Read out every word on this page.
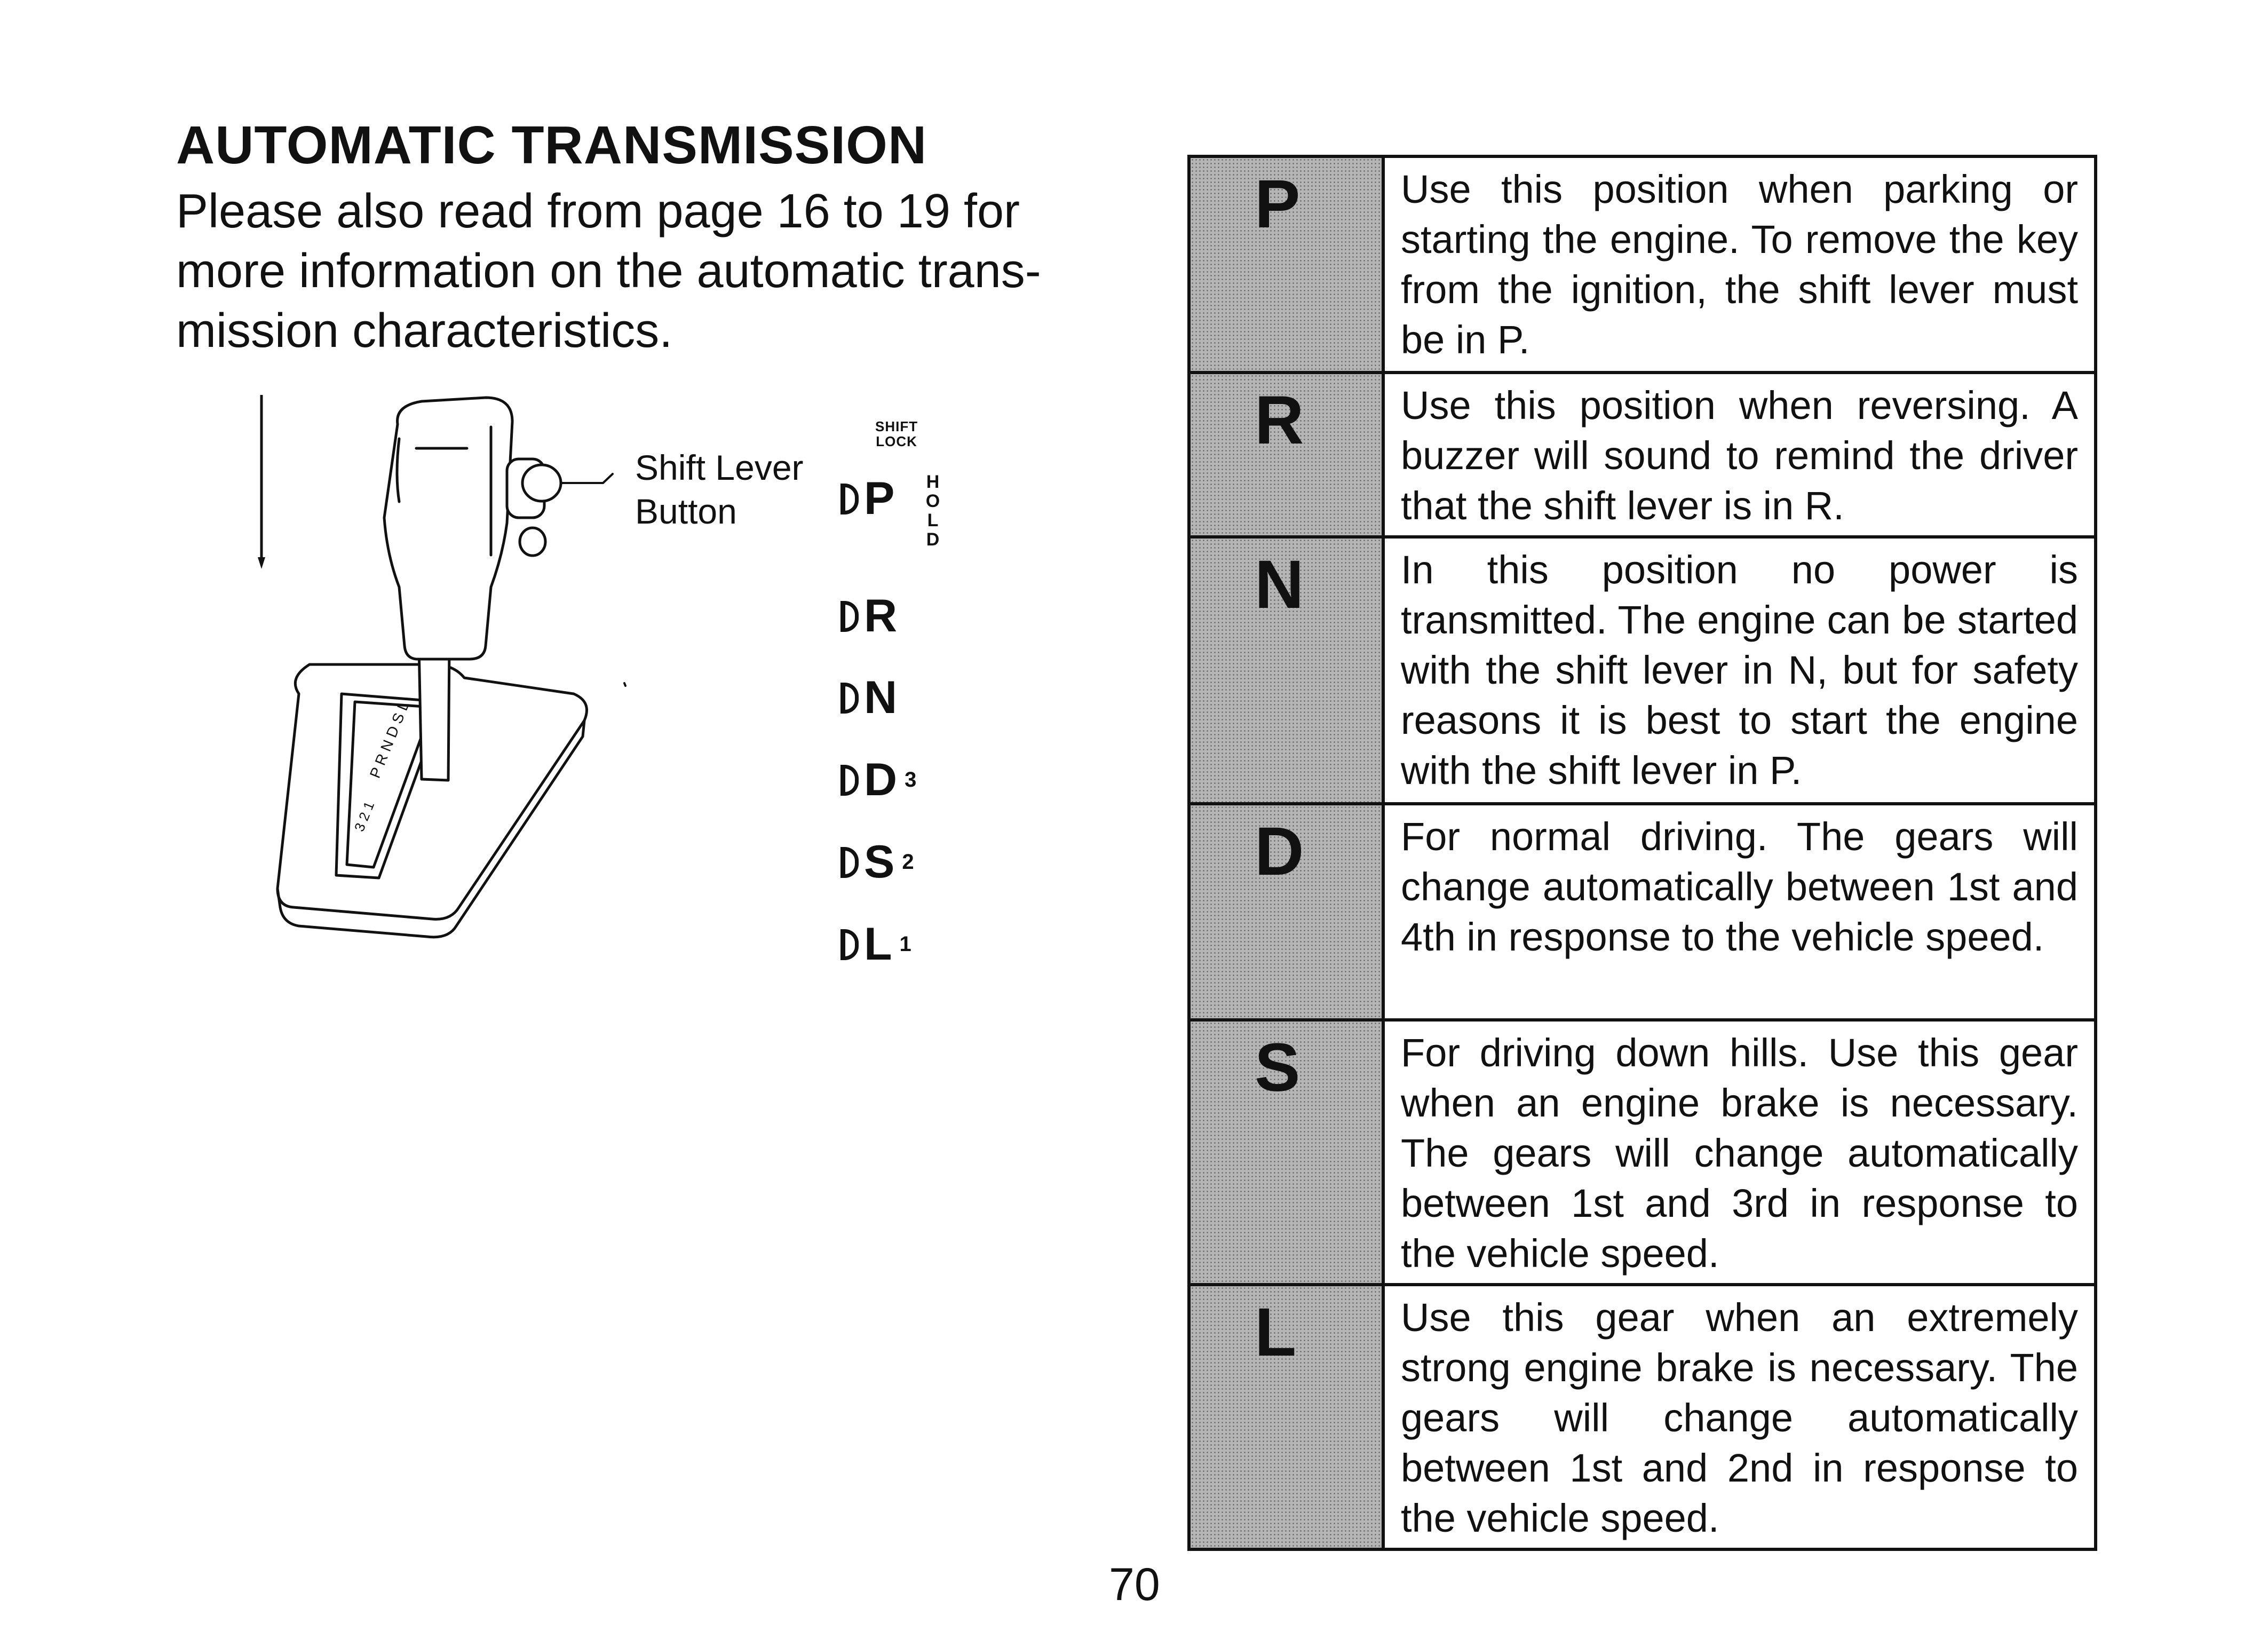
AUTOMATIC TRANSMISSION

Please also read from page 16 to 19 for
more information on the automatic trans-
mission characteristics.

P R N D S L
3 2 1
Shift Lever
Button
SHIFT
LOCK
H
O
L
D
P
R
N
D 3
S 2
L 1
P	Use this position when parking or starting the engine. To remove the key from the ignition, the shift lever must be in P.

R	Use this position when reversing. A buzzer will sound to remind the driver that the shift lever is in R.

N	In this position no power is transmitted. The engine can be started with the shift lever in N, but for safety reasons it is best to start the engine with the shift lever in P.

D	For normal driving. The gears will change automatically between 1st and 4th in response to the vehicle speed.

S	For driving down hills. Use this gear when an engine brake is necessary. The gears will change automatically between 1st and 3rd in response to the vehicle speed.

L	Use this gear when an extremely strong engine brake is necessary. The gears will change automatically between 1st and 2nd in response to the vehicle speed.

70
